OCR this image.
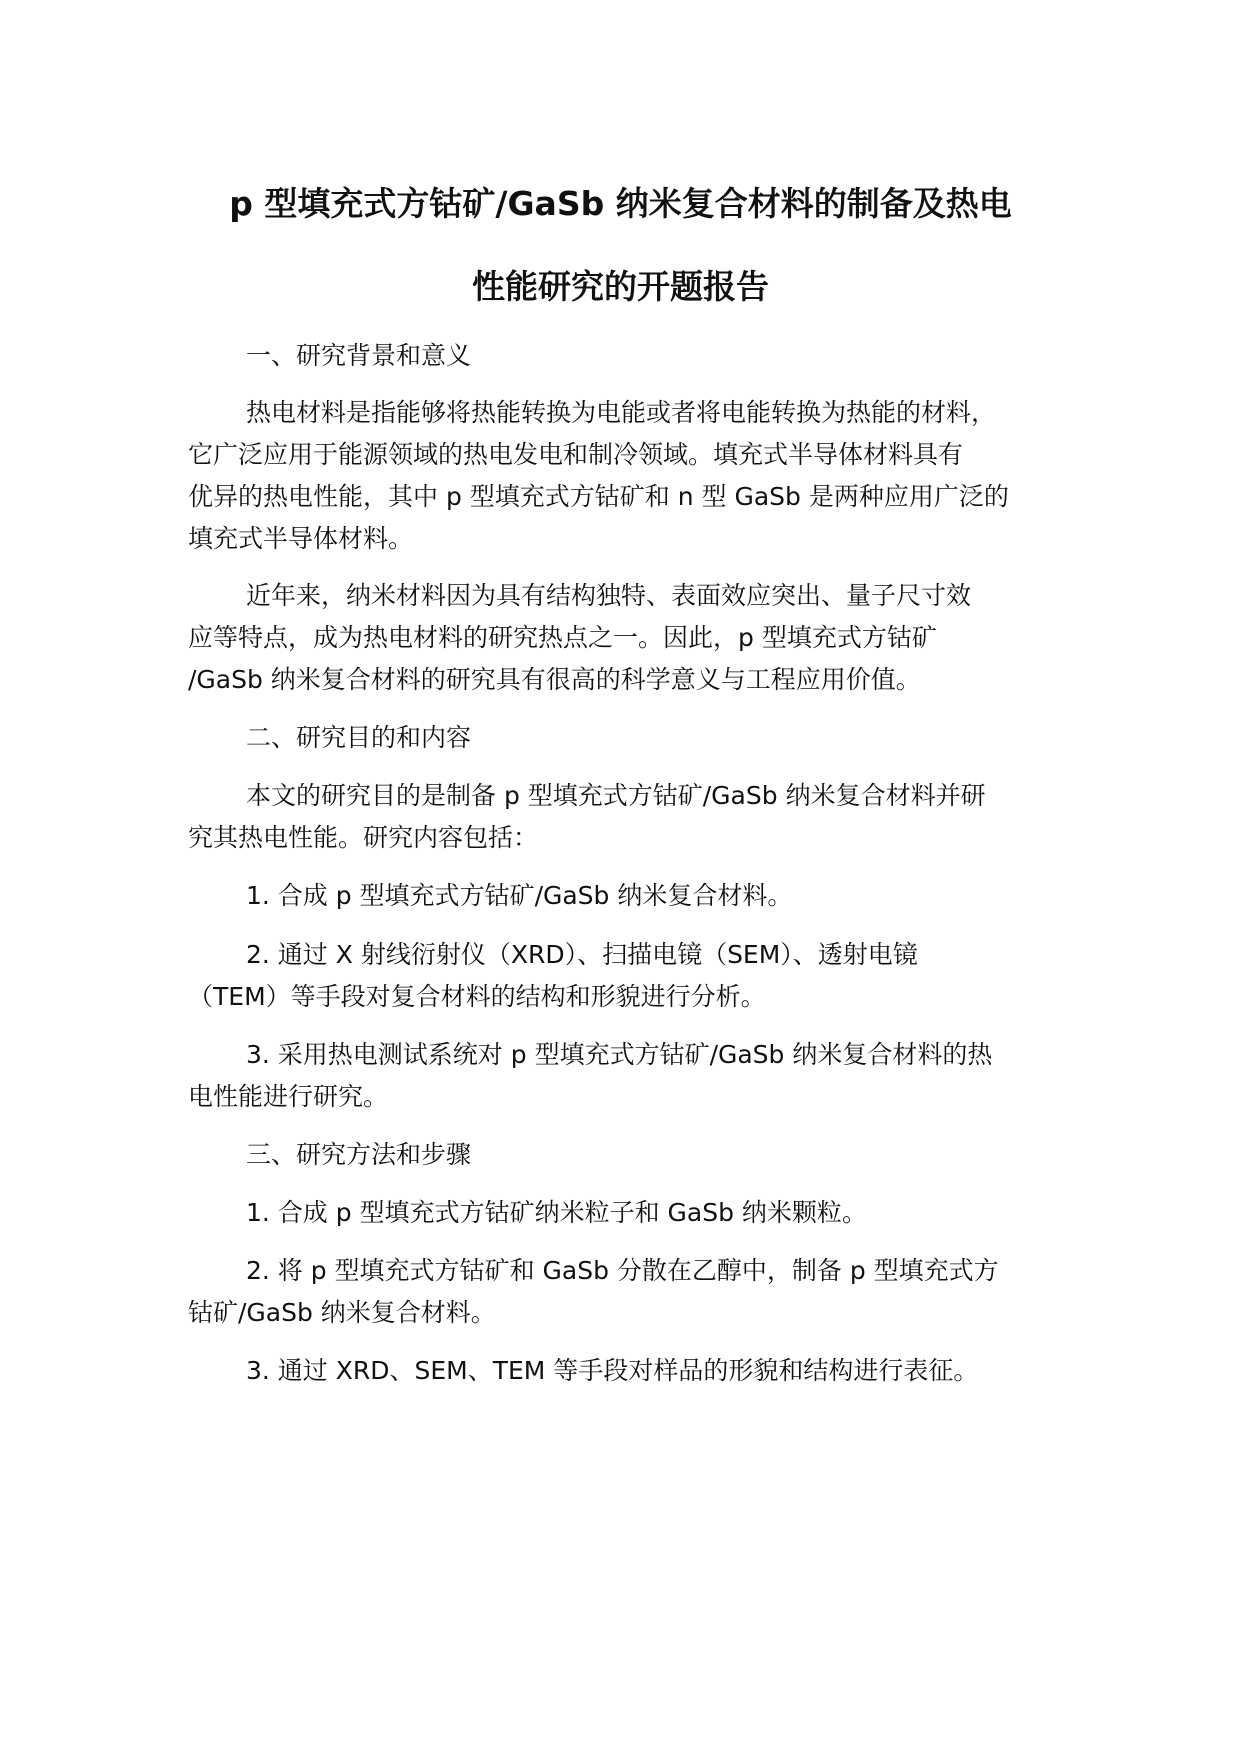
p 型填充式方钴矿/GaSb 纳米复合材料的制备及热电
性能研究的开题报告
一、研究背景和意义
热电材料是指能够将热能转换为电能或者将电能转换为热能的材料，
它广泛应用于能源领域的热电发电和制冷领域。填充式半导体材料具有
优异的热电性能，其中 p 型填充式方钴矿和 n 型 GaSb 是两种应用广泛的
填充式半导体材料。
近年来，纳米材料因为具有结构独特、表面效应突出、量子尺寸效
应等特点，成为热电材料的研究热点之一。因此，p 型填充式方钴矿
/GaSb 纳米复合材料的研究具有很高的科学意义与工程应用价值。
二、研究目的和内容
本文的研究目的是制备 p 型填充式方钴矿/GaSb 纳米复合材料并研
究其热电性能。研究内容包括：
1. 合成 p 型填充式方钴矿/GaSb 纳米复合材料。
2. 通过 X 射线衍射仪（XRD）、扫描电镜（SEM）、透射电镜
（TEM）等手段对复合材料的结构和形貌进行分析。
3. 采用热电测试系统对 p 型填充式方钴矿/GaSb 纳米复合材料的热
电性能进行研究。
三、研究方法和步骤
1. 合成 p 型填充式方钴矿纳米粒子和 GaSb 纳米颗粒。
2. 将 p 型填充式方钴矿和 GaSb 分散在乙醇中，制备 p 型填充式方
钴矿/GaSb 纳米复合材料。
3. 通过 XRD、SEM、TEM 等手段对样品的形貌和结构进行表征。
